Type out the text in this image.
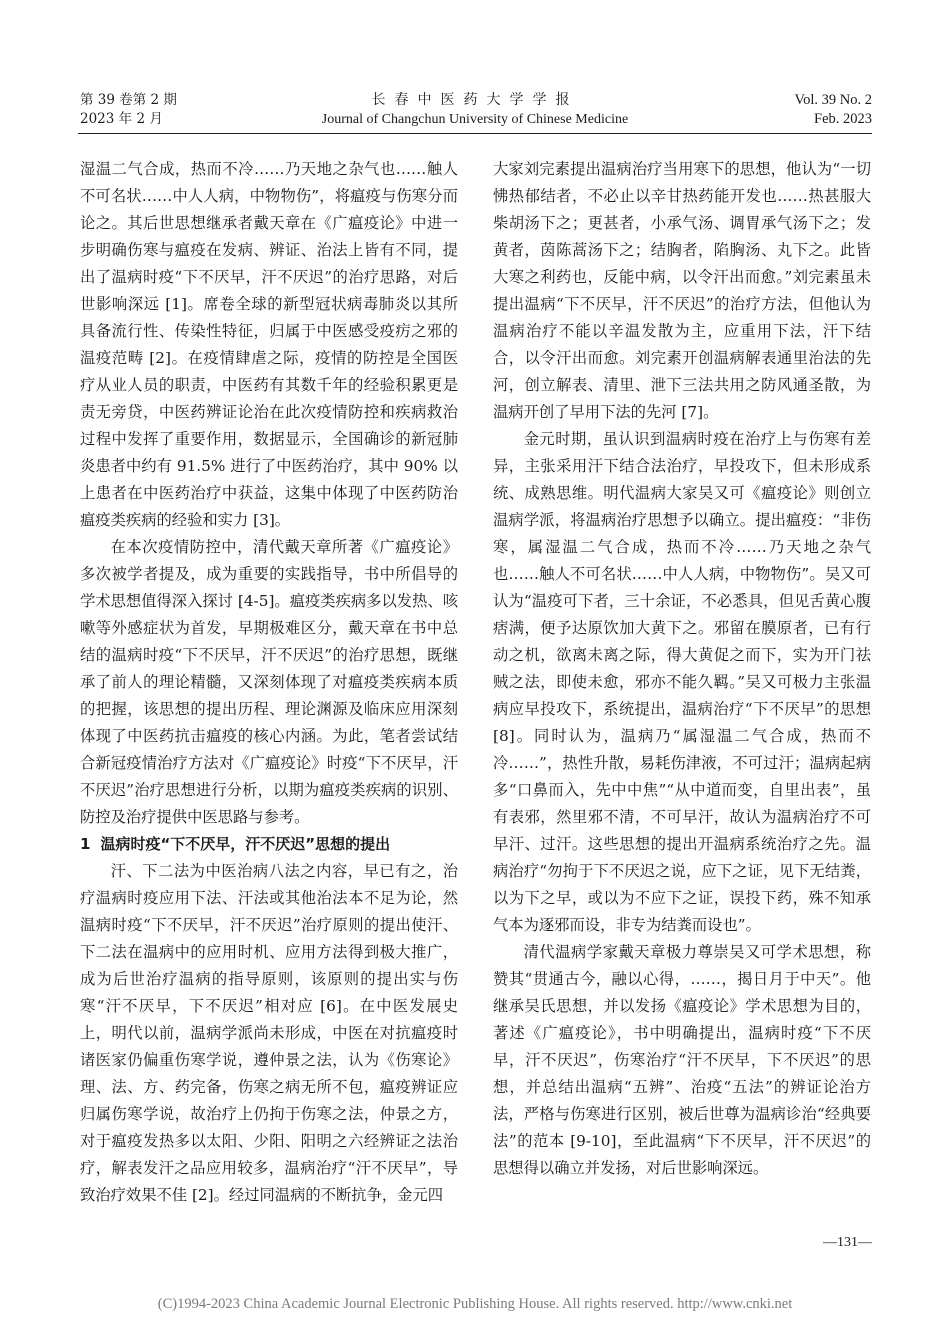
第 39 卷第 2 期
2023 年 2 月
长春中医药大学学报
Journal of Changchun University of Chinese Medicine
Vol. 39 No. 2
Feb. 2023

湿温二气合成，热而不冷……乃天地之杂气也……触人不可名状……中人人病，中物物伤”，将瘟疫与伤寒分而论之。其后世思想继承者戴天章在《广瘟疫论》中进一步明确伤寒与瘟疫在发病、辨证、治法上皆有不同，提出了温病时疫“下不厌早，汗不厌迟”的治疗思路，对后世影响深远 [1]。席卷全球的新型冠状病毒肺炎以其所具备流行性、传染性特征，归属于中医感受疫疠之邪的温疫范畴 [2]。在疫情肆虐之际，疫情的防控是全国医疗从业人员的职责，中医药有其数千年的经验积累更是责无旁贷，中医药辨证论治在此次疫情防控和疾病救治过程中发挥了重要作用，数据显示，全国确诊的新冠肺炎患者中约有 91.5% 进行了中医药治疗，其中 90% 以上患者在中医药治疗中获益，这集中体现了中医药防治瘟疫类疾病的经验和实力 [3]。

在本次疫情防控中，清代戴天章所著《广瘟疫论》多次被学者提及，成为重要的实践指导，书中所倡导的学术思想值得深入探讨 [4-5]。瘟疫类疾病多以发热、咳嗽等外感症状为首发，早期极难区分，戴天章在书中总结的温病时疫“下不厌早，汗不厌迟”的治疗思想，既继承了前人的理论精髓，又深刻体现了对瘟疫类疾病本质的把握，该思想的提出历程、理论渊源及临床应用深刻体现了中医药抗击瘟疫的核心内涵。为此，笔者尝试结合新冠疫情治疗方法对《广瘟疫论》时疫“下不厌早，汗不厌迟”治疗思想进行分析，以期为瘟疫类疾病的识别、防控及治疗提供中医思路与参考。

1 温病时疫“下不厌早，汗不厌迟”思想的提出

汗、下二法为中医治病八法之内容，早已有之，治疗温病时疫应用下法、汗法或其他治法本不足为论，然温病时疫“下不厌早，汗不厌迟”治疗原则的提出使汗、下二法在温病中的应用时机、应用方法得到极大推广，成为后世治疗温病的指导原则，该原则的提出实与伤寒“汗不厌早，下不厌迟”相对应 [6]。在中医发展史上，明代以前，温病学派尚未形成，中医在对抗瘟疫时诸医家仍偏重伤寒学说，遵仲景之法，认为《伤寒论》理、法、方、药完备，伤寒之病无所不包，瘟疫辨证应归属伤寒学说，故治疗上仍拘于伤寒之法，仲景之方，对于瘟疫发热多以太阳、少阳、阳明之六经辨证之法治疗，解表发汗之品应用较多，温病治疗“汗不厌早”，导致治疗效果不佳 [2]。经过同温病的不断抗争，金元四

大家刘完素提出温病治疗当用寒下的思想，他认为“一切怫热郁结者，不必止以辛甘热药能开发也……热甚服大柴胡汤下之；更甚者，小承气汤、调胃承气汤下之；发黄者，茵陈蒿汤下之；结胸者，陷胸汤、丸下之。此皆大寒之利药也，反能中病，以令汗出而愈。”刘完素虽未提出温病“下不厌早，汗不厌迟”的治疗方法，但他认为温病治疗不能以辛温发散为主，应重用下法，汗下结合，以令汗出而愈。刘完素开创温病解表通里治法的先河，创立解表、清里、泄下三法共用之防风通圣散，为温病开创了早用下法的先河 [7]。

金元时期，虽认识到温病时疫在治疗上与伤寒有差异，主张采用汗下结合法治疗，早投攻下，但未形成系统、成熟思维。明代温病大家吴又可《瘟疫论》则创立温病学派，将温病治疗思想予以确立。提出瘟疫：“非伤寒，属湿温二气合成，热而不冷……乃天地之杂气也……触人不可名状……中人人病，中物物伤”。吴又可认为“温疫可下者，三十余证，不必悉具，但见舌黄心腹痞满，便予达原饮加大黄下之。邪留在膜原者，已有行动之机，欲离未离之际，得大黄促之而下，实为开门祛贼之法，即使未愈，邪亦不能久羁。”吴又可极力主张温病应早投攻下，系统提出，温病治疗“下不厌早”的思想 [8]。同时认为，温病乃“属湿温二气合成，热而不冷……”，热性升散，易耗伤津液，不可过汗；温病起病多“口鼻而入，先中中焦”“从中道而变，自里出表”，虽有表邪，然里邪不清，不可早汗，故认为温病治疗不可早汗、过汗。这些思想的提出开温病系统治疗之先。温病治疗“勿拘于下不厌迟之说，应下之证，见下无结粪，以为下之早，或以为不应下之证，误投下药，殊不知承气本为逐邪而设，非专为结粪而设也”。

清代温病学家戴天章极力尊崇吴又可学术思想，称赞其“贯通古今，融以心得，……，揭日月于中天”。他继承吴氏思想，并以发扬《瘟疫论》学术思想为目的，著述《广瘟疫论》，书中明确提出，温病时疫“下不厌早，汗不厌迟”，伤寒治疗“汗不厌早，下不厌迟”的思想，并总结出温病“五辨”、治疫“五法”的辨证论治方法，严格与伤寒进行区别，被后世尊为温病诊治“经典要法”的范本 [9-10]，至此温病“下不厌早，汗不厌迟”的思想得以确立并发扬，对后世影响深远。

—131—
(C)1994-2023 China Academic Journal Electronic Publishing House. All rights reserved. http://www.cnki.net
